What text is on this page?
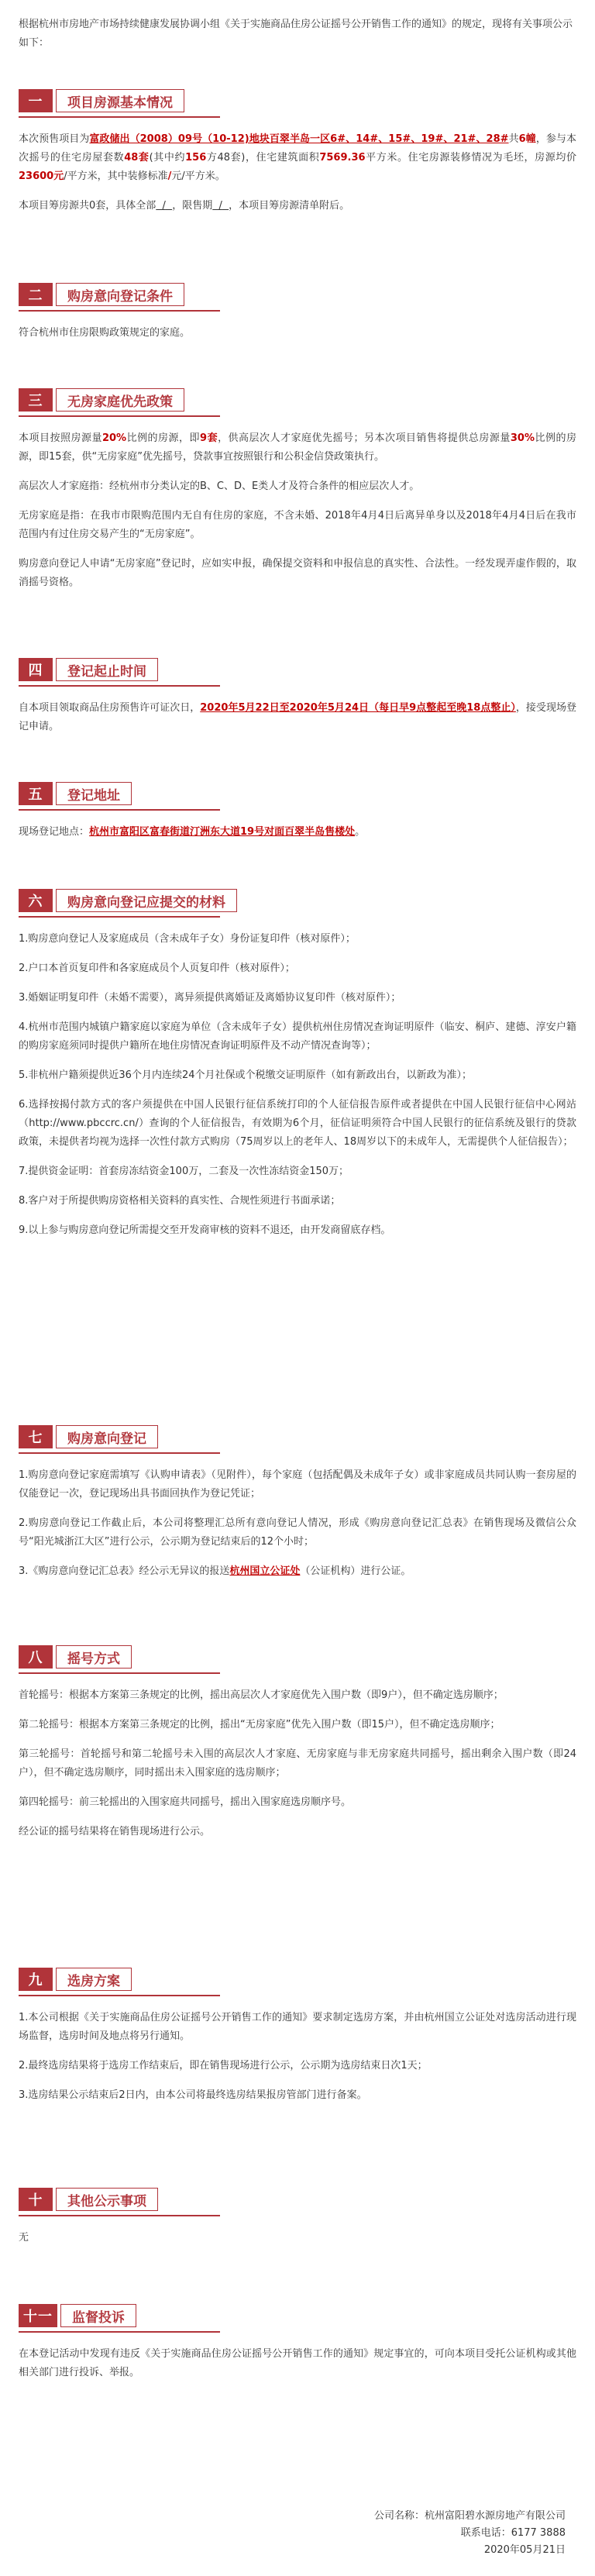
根据杭州市房地产市场持续健康发展协调小组《关于实施商品住房公证摇号公开销售工作的通知》的规定，现将有关事项公示如下：

一	项目房源基本情况

本次预售项目为富政储出（2008）09号（10-12)地块百翠半岛一区6#、14#、15#、19#、21#、28#共6幢，参与本次摇号的住宅房屋套数48套(其中约156方48套)，住宅建筑面积7569.36平方米。住宅房源装修情况为毛坯，房源均价23600元/平方米，其中装修标准/元/平方米。

本项目筹房源共0套，具体全部 / ，限售期 / ，本项目筹房源清单附后。

二	购房意向登记条件

符合杭州市住房限购政策规定的家庭。

三	无房家庭优先政策

本项目按照房源量20%比例的房源，即9套，供高层次人才家庭优先摇号；另本次项目销售将提供总房源量30%比例的房源，即15套，供“无房家庭”优先摇号，贷款事宜按照银行和公积金信贷政策执行。

高层次人才家庭指：经杭州市分类认定的B、C、D、E类人才及符合条件的相应层次人才。

无房家庭是指：在我市市限购范围内无自有住房的家庭，不含未婚、2018年4月4日后离异单身以及2018年4月4日后在我市范围内有过住房交易产生的“无房家庭”。

购房意向登记人申请“无房家庭”登记时，应如实申报，确保提交资料和申报信息的真实性、合法性。一经发现弄虚作假的，取消摇号资格。

四	登记起止时间

自本项目领取商品住房预售许可证次日，2020年5月22日至2020年5月24日（每日早9点整起至晚18点整止），接受现场登记申请。

五	登记地址

现场登记地点：杭州市富阳区富春街道汀洲东大道19号对面百翠半岛售楼处。

六	购房意向登记应提交的材料

1.购房意向登记人及家庭成员（含未成年子女）身份证复印件（核对原件）；

2.户口本首页复印件和各家庭成员个人页复印件（核对原件）；

3.婚姻证明复印件（未婚不需要），离异须提供离婚证及离婚协议复印件（核对原件）；

4.杭州市范围内城镇户籍家庭以家庭为单位（含未成年子女）提供杭州住房情况查询证明原件（临安、桐庐、建德、淳安户籍的购房家庭须同时提供户籍所在地住房情况查询证明原件及不动产情况查询等）；

5.非杭州户籍须提供近36个月内连续24个月社保或个税缴交证明原件（如有新政出台，以新政为准）；

6.选择按揭付款方式的客户须提供在中国人民银行征信系统打印的个人征信报告原件或者提供在中国人民银行征信中心网站（http://www.pbccrc.cn/）查询的个人征信报告，有效期为6个月，征信证明须符合中国人民银行的征信系统及银行的贷款政策，未提供者均视为选择一次性付款方式购房（75周岁以上的老年人、18周岁以下的未成年人，无需提供个人征信报告）；

7.提供资金证明：首套房冻结资金100万，二套及一次性冻结资金150万；

8.客户对于所提供购房资格相关资料的真实性、合规性须进行书面承诺；

9.以上参与购房意向登记所需提交至开发商审核的资料不退还，由开发商留底存档。

七	购房意向登记

1.购房意向登记家庭需填写《认购申请表》（见附件），每个家庭（包括配偶及未成年子女）或非家庭成员共同认购一套房屋的仅能登记一次，登记现场出具书面回执作为登记凭证；

2.购房意向登记工作截止后，本公司将整理汇总所有意向登记人情况，形成《购房意向登记汇总表》在销售现场及微信公众号“阳光城浙江大区”进行公示，公示期为登记结束后的12个小时；

3.《购房意向登记汇总表》经公示无异议的报送杭州国立公证处（公证机构）进行公证。

八	摇号方式

首轮摇号：根据本方案第三条规定的比例，摇出高层次人才家庭优先入围户数（即9户），但不确定选房顺序；

第二轮摇号：根据本方案第三条规定的比例，摇出“无房家庭”优先入围户数（即15户），但不确定选房顺序；

第三轮摇号：首轮摇号和第二轮摇号未入围的高层次人才家庭、无房家庭与非无房家庭共同摇号，摇出剩余入围户数（即24户），但不确定选房顺序，同时摇出未入围家庭的选房顺序；

第四轮摇号：前三轮摇出的入围家庭共同摇号，摇出入围家庭选房顺序号。

经公证的摇号结果将在销售现场进行公示。

九	选房方案

1.本公司根据《关于实施商品住房公证摇号公开销售工作的通知》要求制定选房方案，并由杭州国立公证处对选房活动进行现场监督，选房时间及地点将另行通知。

2.最终选房结果将于选房工作结束后，即在销售现场进行公示，公示期为选房结束日次1天；

3.选房结果公示结束后2日内，由本公司将最终选房结果报房管部门进行备案。

十	其他公示事项

无

十一	监督投诉

在本登记活动中发现有违反《关于实施商品住房公证摇号公开销售工作的通知》规定事宜的，可向本项目受托公证机构或其他相关部门进行投诉、举报。

公司名称：杭州富阳碧水源房地产有限公司
联系电话：6177 3888
2020年05月21日
